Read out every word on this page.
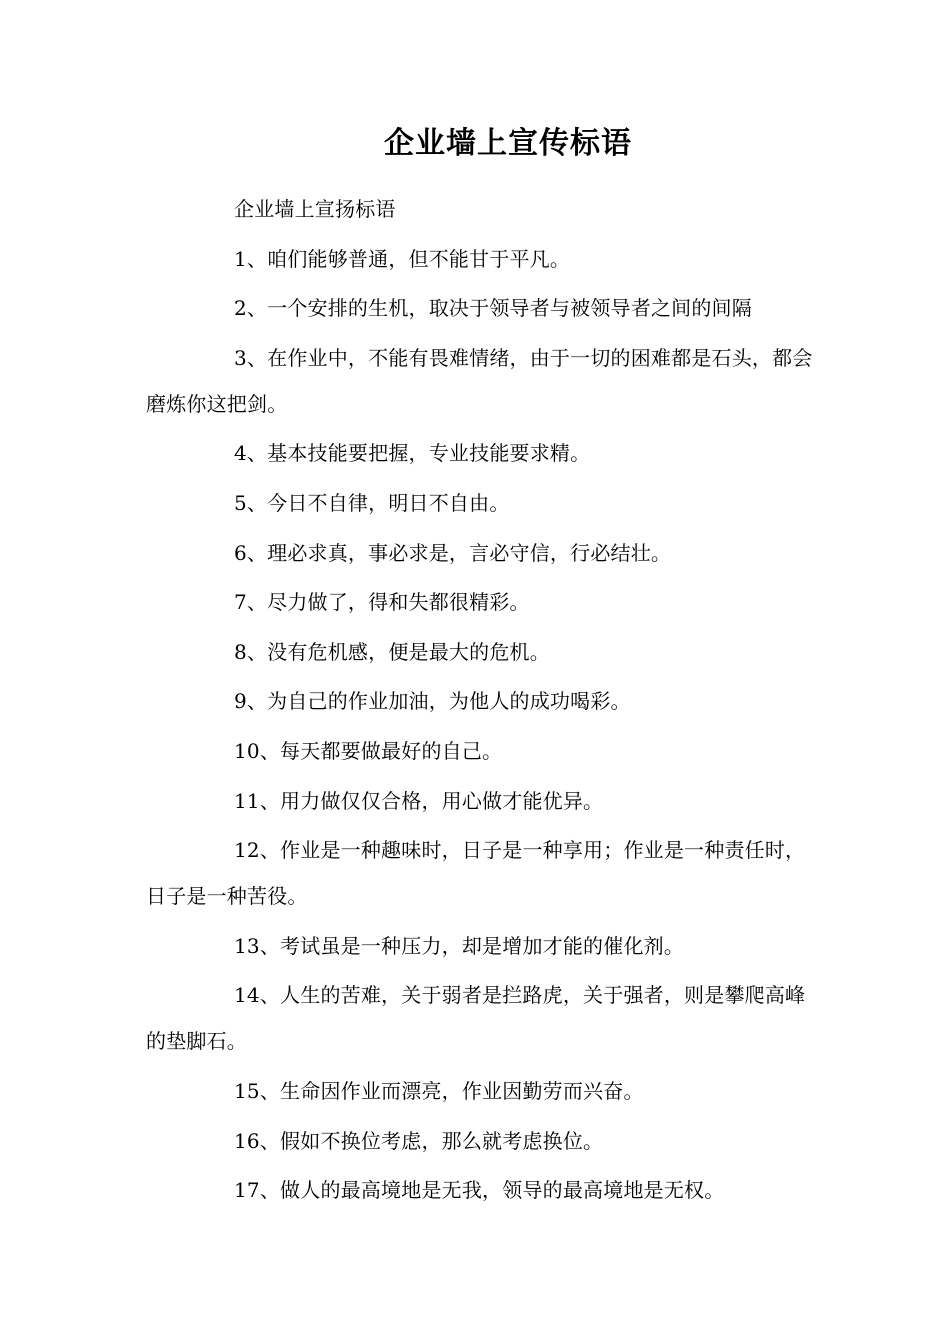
企业墙上宣传标语

企业墙上宣扬标语

1、咱们能够普通，但不能甘于平凡。

2、一个安排的生机，取决于领导者与被领导者之间的间隔

3、在作业中，不能有畏难情绪，由于一切的困难都是石头，都会磨炼你这把剑。

4、基本技能要把握，专业技能要求精。

5、今日不自律，明日不自由。

6、理必求真，事必求是，言必守信，行必结壮。

7、尽力做了，得和失都很精彩。

8、没有危机感，便是最大的危机。

9、为自己的作业加油，为他人的成功喝彩。

10、每天都要做最好的自己。

11、用力做仅仅合格，用心做才能优异。

12、作业是一种趣味时，日子是一种享用；作业是一种责任时，日子是一种苦役。

13、考试虽是一种压力，却是增加才能的催化剂。

14、人生的苦难，关于弱者是拦路虎，关于强者，则是攀爬高峰的垫脚石。

15、生命因作业而漂亮，作业因勤劳而兴奋。

16、假如不换位考虑，那么就考虑换位。

17、做人的最高境地是无我，领导的最高境地是无权。
